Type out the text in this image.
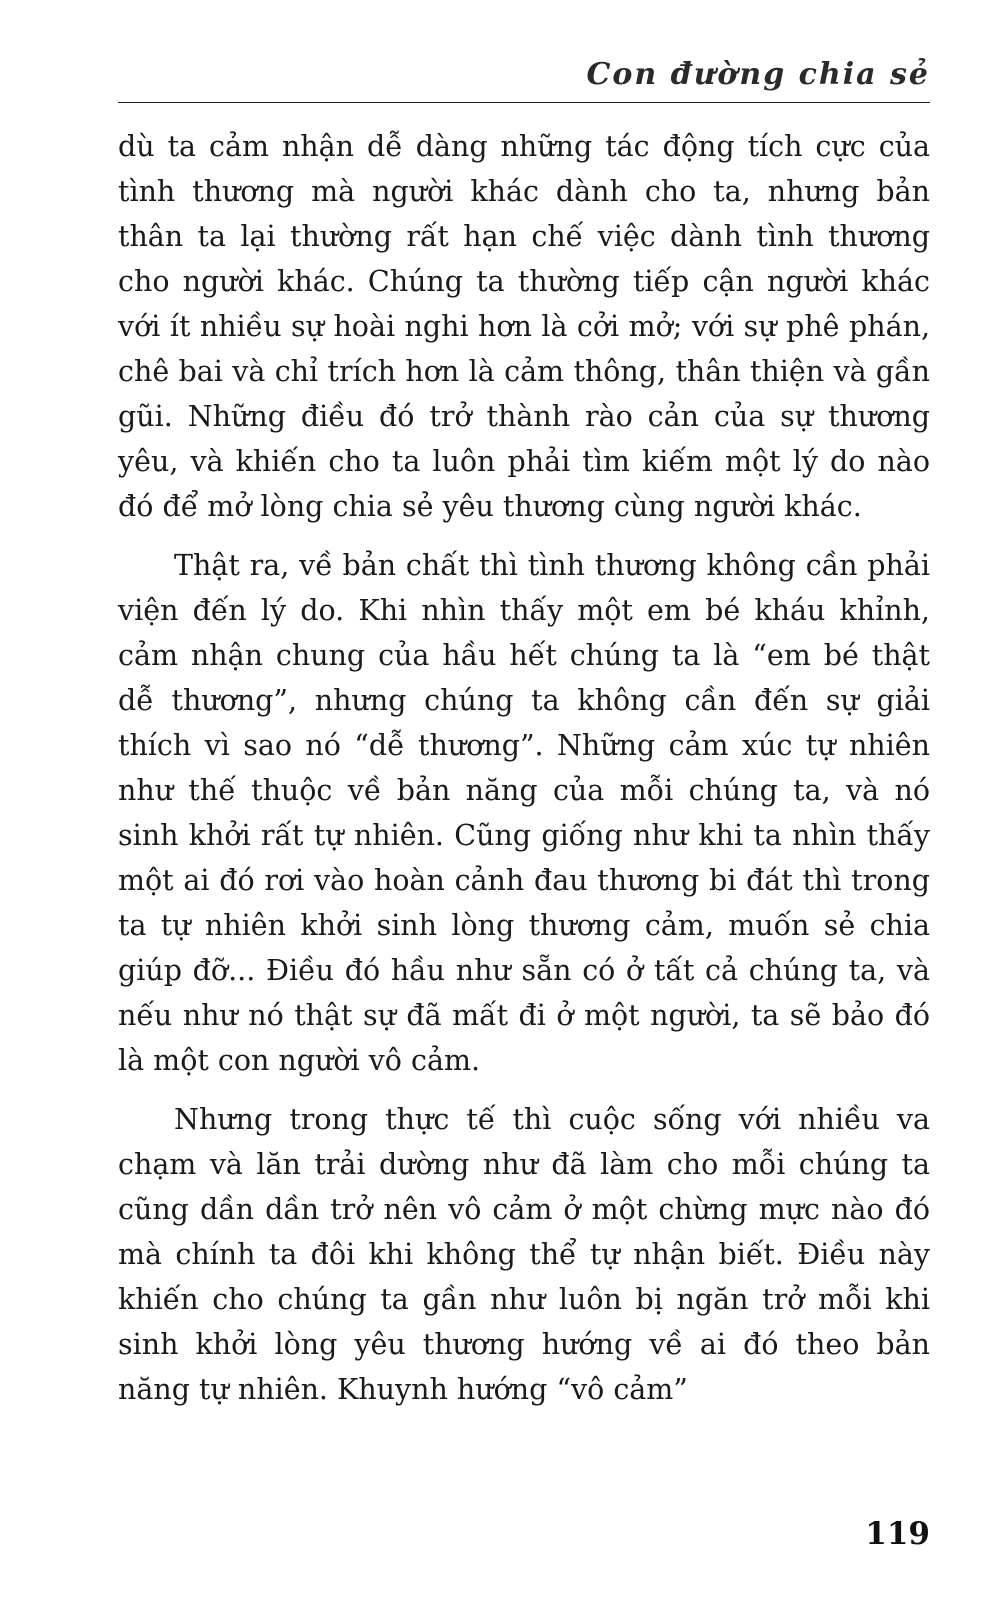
Con đường chia sẻ

dù ta cảm nhận dễ dàng những tác động tích cực của tình thương mà người khác dành cho ta, nhưng bản thân ta lại thường rất hạn chế việc dành tình thương cho người khác. Chúng ta thường tiếp cận người khác với ít nhiều sự hoài nghi hơn là cởi mở; với sự phê phán, chê bai và chỉ trích hơn là cảm thông, thân thiện và gần gũi. Những điều đó trở thành rào cản của sự thương yêu, và khiến cho ta luôn phải tìm kiếm một lý do nào đó để mở lòng chia sẻ yêu thương cùng người khác.

Thật ra, về bản chất thì tình thương không cần phải viện đến lý do. Khi nhìn thấy một em bé kháu khỉnh, cảm nhận chung của hầu hết chúng ta là “em bé thật dễ thương”, nhưng chúng ta không cần đến sự giải thích vì sao nó “dễ thương”. Những cảm xúc tự nhiên như thế thuộc về bản năng của mỗi chúng ta, và nó sinh khởi rất tự nhiên. Cũng giống như khi ta nhìn thấy một ai đó rơi vào hoàn cảnh đau thương bi đát thì trong ta tự nhiên khởi sinh lòng thương cảm, muốn sẻ chia giúp đỡ... Điều đó hầu như sẵn có ở tất cả chúng ta, và nếu như nó thật sự đã mất đi ở một người, ta sẽ bảo đó là một con người vô cảm.

Nhưng trong thực tế thì cuộc sống với nhiều va chạm và lăn trải dường như đã làm cho mỗi chúng ta cũng dần dần trở nên vô cảm ở một chừng mực nào đó mà chính ta đôi khi không thể tự nhận biết. Điều này khiến cho chúng ta gần như luôn bị ngăn trở mỗi khi sinh khởi lòng yêu thương hướng về ai đó theo bản năng tự nhiên. Khuynh hướng “vô cảm”

119
